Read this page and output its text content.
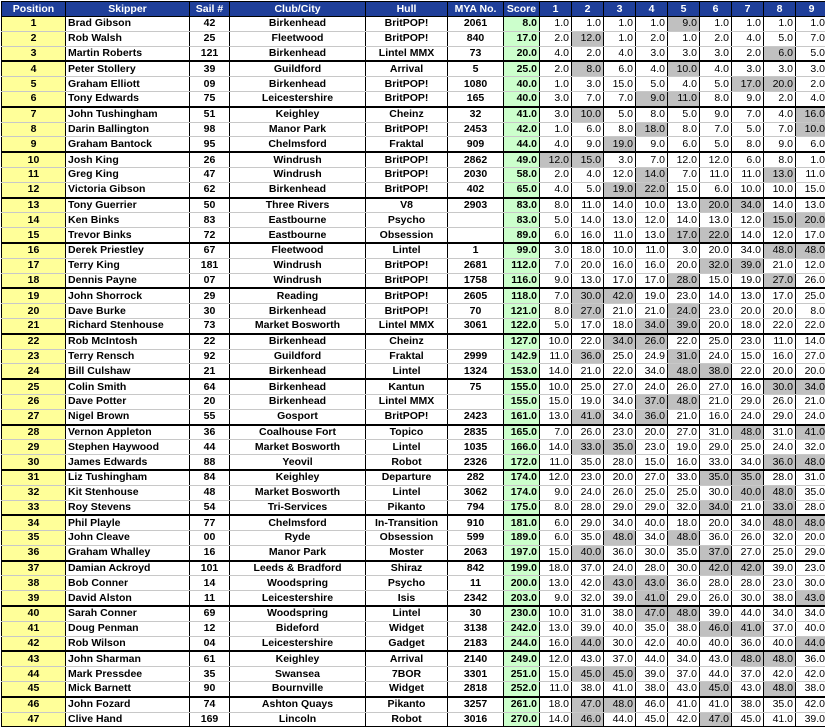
Position	Skipper	Sail #	Club/City	Hull	MYA No.	Score	1	2	3	4	5	6	7	8	9
1	Brad Gibson	42	Birkenhead	BritPOP!	2061	8.0	1.0	1.0	1.0	1.0	9.0	1.0	1.0	1.0	1.0
2	Rob Walsh	25	Fleetwood	BritPOP!	840	17.0	2.0	12.0	1.0	2.0	1.0	2.0	4.0	5.0	7.0
3	Martin Roberts	121	Birkenhead	Lintel MMX	73	20.0	4.0	2.0	4.0	3.0	3.0	3.0	2.0	6.0	5.0
4	Peter Stollery	39	Guildford	Arrival	5	25.0	2.0	8.0	6.0	4.0	10.0	4.0	3.0	3.0	3.0
5	Graham Elliott	09	Birkenhead	BritPOP!	1080	40.0	1.0	3.0	15.0	5.0	4.0	5.0	17.0	20.0	2.0
6	Tony Edwards	75	Leicestershire	BritPOP!	165	40.0	3.0	7.0	7.0	9.0	11.0	8.0	9.0	2.0	4.0
7	John Tushingham	51	Keighley	Cheinz	32	41.0	3.0	10.0	5.0	8.0	5.0	9.0	7.0	4.0	16.0
8	Darin Ballington	98	Manor Park	BritPOP!	2453	42.0	1.0	6.0	8.0	18.0	8.0	7.0	5.0	7.0	10.0
9	Graham Bantock	95	Chelmsford	Fraktal	909	44.0	4.0	9.0	19.0	9.0	6.0	5.0	8.0	9.0	6.0
10	Josh King	26	Windrush	BritPOP!	2862	49.0	12.0	15.0	3.0	7.0	12.0	12.0	6.0	8.0	1.0
11	Greg King	47	Windrush	BritPOP!	2030	58.0	2.0	4.0	12.0	14.0	7.0	11.0	11.0	13.0	11.0
12	Victoria Gibson	62	Birkenhead	BritPOP!	402	65.0	4.0	5.0	19.0	22.0	15.0	6.0	10.0	10.0	15.0
13	Tony Guerrier	50	Three Rivers	V8	2903	83.0	8.0	11.0	14.0	10.0	13.0	20.0	34.0	14.0	13.0
14	Ken Binks	83	Eastbourne	Psycho		83.0	5.0	14.0	13.0	12.0	14.0	13.0	12.0	15.0	20.0
15	Trevor Binks	72	Eastbourne	Obsession		89.0	6.0	16.0	11.0	13.0	17.0	22.0	14.0	12.0	17.0
16	Derek Priestley	67	Fleetwood	Lintel	1	99.0	3.0	18.0	10.0	11.0	3.0	20.0	34.0	48.0	48.0
17	Terry King	181	Windrush	BritPOP!	2681	112.0	7.0	20.0	16.0	16.0	20.0	32.0	39.0	21.0	12.0
18	Dennis Payne	07	Windrush	BritPOP!	1758	116.0	9.0	13.0	17.0	17.0	28.0	15.0	19.0	27.0	26.0
19	John Shorrock	29	Reading	BritPOP!	2605	118.0	7.0	30.0	42.0	19.0	23.0	14.0	13.0	17.0	25.0
20	Dave Burke	30	Birkenhead	BritPOP!	70	121.0	8.0	27.0	21.0	21.0	24.0	23.0	20.0	20.0	8.0
21	Richard Stenhouse	73	Market Bosworth	Lintel MMX	3061	122.0	5.0	17.0	18.0	34.0	39.0	20.0	18.0	22.0	22.0
22	Rob McIntosh	22	Birkenhead	Cheinz		127.0	10.0	22.0	34.0	26.0	22.0	25.0	23.0	11.0	14.0
23	Terry Rensch	92	Guildford	Fraktal	2999	142.9	11.0	36.0	25.0	24.9	31.0	24.0	15.0	16.0	27.0
24	Bill Culshaw	21	Birkenhead	Lintel	1324	153.0	14.0	21.0	22.0	34.0	48.0	38.0	22.0	20.0	20.0
25	Colin Smith	64	Birkenhead	Kantun	75	155.0	10.0	25.0	27.0	24.0	26.0	27.0	16.0	30.0	34.0
26	Dave Potter	20	Birkenhead	Lintel MMX		155.0	15.0	19.0	34.0	37.0	48.0	21.0	29.0	26.0	21.0
27	Nigel Brown	55	Gosport	BritPOP!	2423	161.0	13.0	41.0	34.0	36.0	21.0	16.0	24.0	29.0	24.0
28	Vernon Appleton	36	Coalhouse Fort	Topico	2835	165.0	7.0	26.0	23.0	20.0	27.0	31.0	48.0	31.0	41.0
29	Stephen Haywood	44	Market Bosworth	Lintel	1035	166.0	14.0	33.0	35.0	23.0	19.0	29.0	25.0	24.0	32.0
30	James Edwards	88	Yeovil	Robot	2326	172.0	11.0	35.0	28.0	15.0	16.0	33.0	34.0	36.0	48.0
31	Liz Tushingham	84	Keighley	Departure	282	174.0	12.0	23.0	20.0	27.0	33.0	35.0	35.0	28.0	31.0
32	Kit Stenhouse	48	Market Bosworth	Lintel	3062	174.0	9.0	24.0	26.0	25.0	25.0	30.0	40.0	48.0	35.0
33	Roy Stevens	54	Tri-Services	Pikanto	794	175.0	8.0	28.0	29.0	29.0	32.0	34.0	21.0	33.0	28.0
34	Phil Playle	77	Chelmsford	In-Transition	910	181.0	6.0	29.0	34.0	40.0	18.0	20.0	34.0	48.0	48.0
35	John Cleave	00	Ryde	Obsession	599	189.0	6.0	35.0	48.0	34.0	48.0	36.0	26.0	32.0	20.0
36	Graham Whalley	16	Manor Park	Moster	2063	197.0	15.0	40.0	36.0	30.0	35.0	37.0	27.0	25.0	29.0
37	Damian Ackroyd	101	Leeds & Bradford	Shiraz	842	199.0	18.0	37.0	24.0	28.0	30.0	42.0	42.0	39.0	23.0
38	Bob Conner	14	Woodspring	Psycho	11	200.0	13.0	42.0	43.0	43.0	36.0	28.0	28.0	23.0	30.0
39	David Alston	11	Leicestershire	Isis	2342	203.0	9.0	32.0	39.0	41.0	29.0	26.0	30.0	38.0	43.0
40	Sarah Conner	69	Woodspring	Lintel	30	230.0	10.0	31.0	38.0	47.0	48.0	39.0	44.0	34.0	34.0
41	Doug Penman	12	Bideford	Widget	3138	242.0	13.0	39.0	40.0	35.0	38.0	46.0	41.0	37.0	40.0
42	Rob Wilson	04	Leicestershire	Gadget	2183	244.0	16.0	44.0	30.0	42.0	40.0	40.0	36.0	40.0	44.0
43	John Sharman	61	Keighley	Arrival	2140	249.0	12.0	43.0	37.0	44.0	34.0	43.0	48.0	48.0	36.0
44	Mark Pressdee	35	Swansea	7BOR	3301	251.0	15.0	45.0	45.0	39.0	37.0	44.0	37.0	42.0	42.0
45	Mick Barnett	90	Bournville	Widget	2818	252.0	11.0	38.0	41.0	38.0	43.0	45.0	43.0	48.0	38.0
46	John Fozard	74	Ashton Quays	Pikanto	3257	261.0	18.0	47.0	48.0	46.0	41.0	41.0	38.0	35.0	42.0
47	Clive Hand	169	Lincoln	Robot	3016	270.0	14.0	46.0	44.0	45.0	42.0	47.0	45.0	41.0	39.0
